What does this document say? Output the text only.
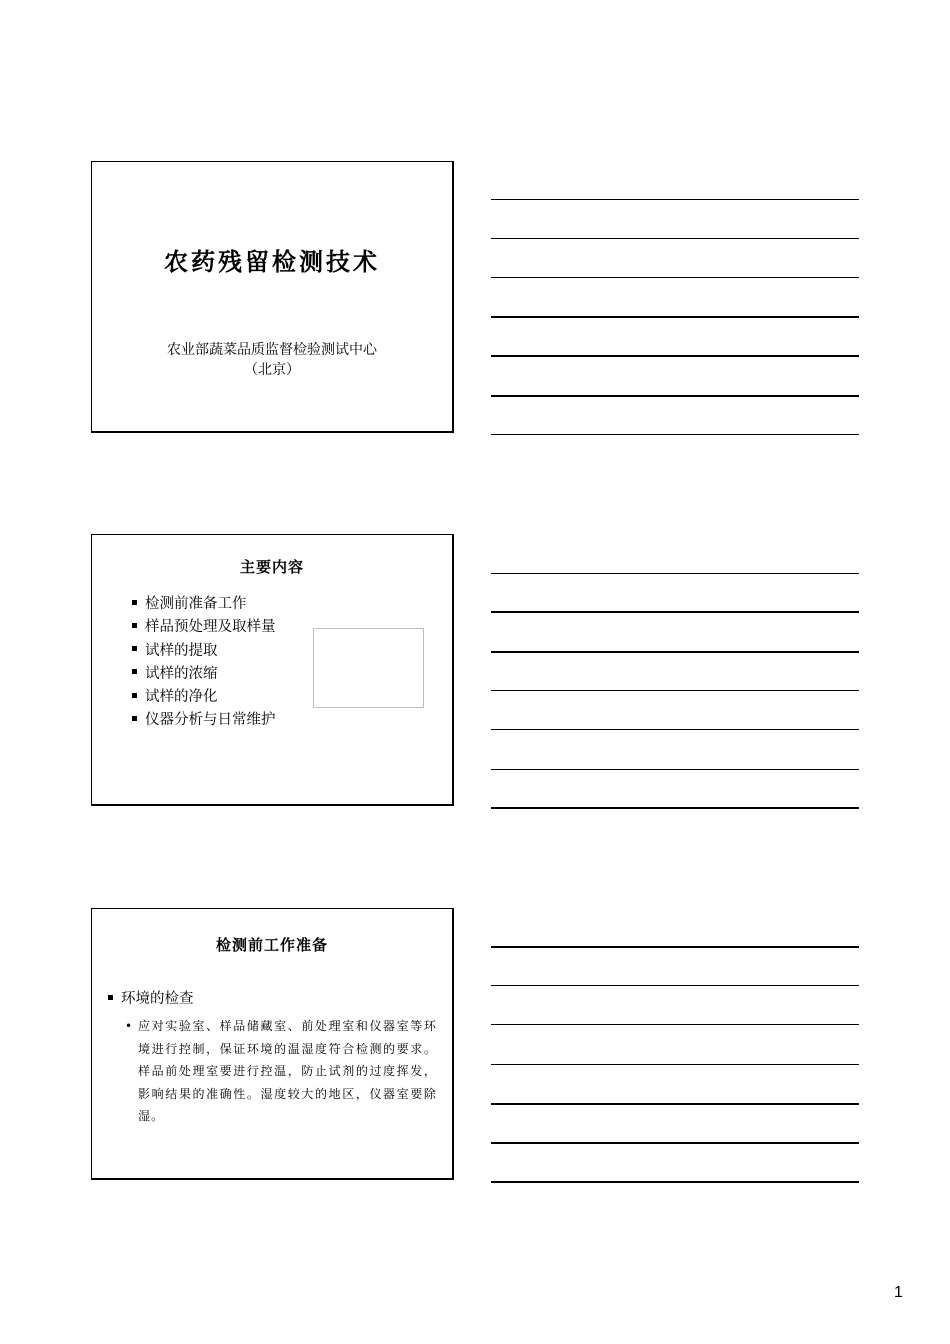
农药残留检测技术
农业部蔬菜品质监督检验测试中心
（北京）
主要内容
检测前准备工作
样品预处理及取样量
试样的提取
试样的浓缩
试样的净化
仪器分析与日常维护
检测前工作准备
环境的检查
• 应对实验室、样品储藏室、前处理室和仪器室等环境进行控制，保证环境的温湿度符合检测的要求。样品前处理室要进行控温，防止试剂的过度挥发，影响结果的准确性。湿度较大的地区，仪器室要除湿。
1
